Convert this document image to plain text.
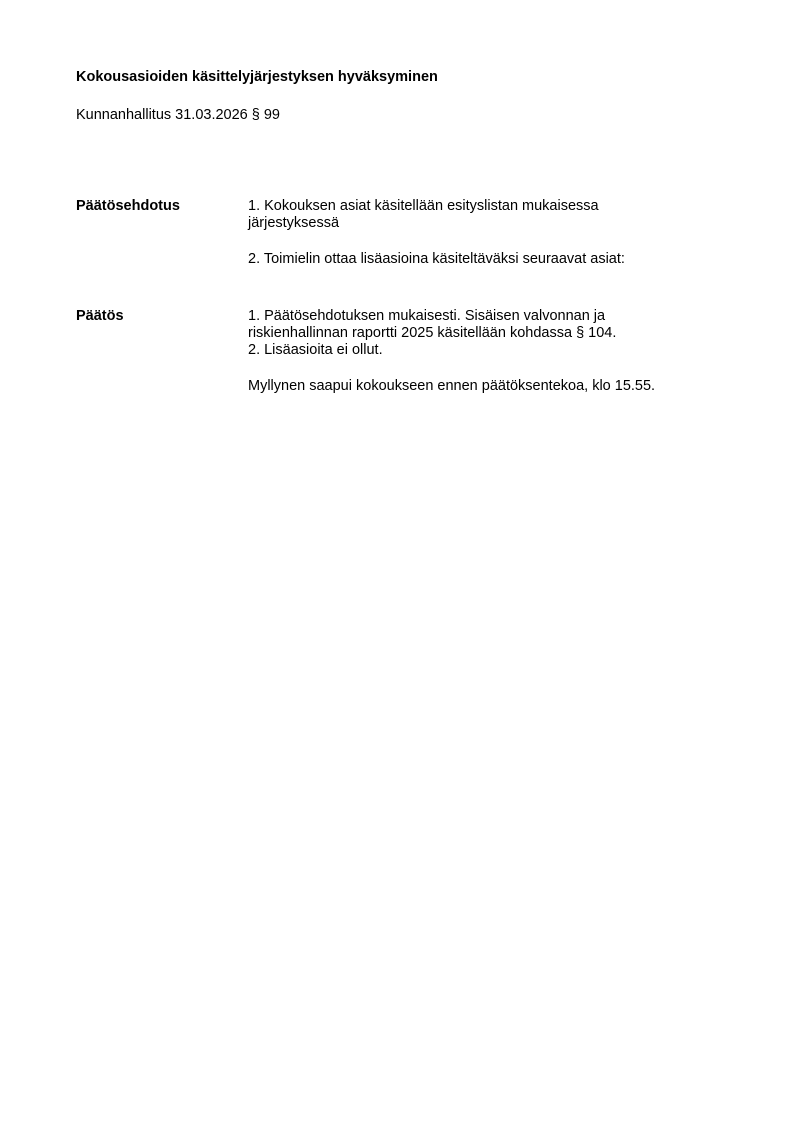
Kokousasioiden käsittelyjärjestyksen hyväksyminen
Kunnanhallitus 31.03.2026 § 99
Päätösehdotus	1. Kokouksen asiat käsitellään esityslistan mukaisessa
järjestyksessä
2. Toimielin ottaa lisäasioina käsiteltäväksi seuraavat asiat:
Päätös	1. Päätösehdotuksen mukaisesti. Sisäisen valvonnan ja
riskienhallinnan raportti 2025 käsitellään kohdassa § 104.
2. Lisäasioita ei ollut.
Myllynen saapui kokoukseen ennen päätöksentekoa, klo 15.55.
